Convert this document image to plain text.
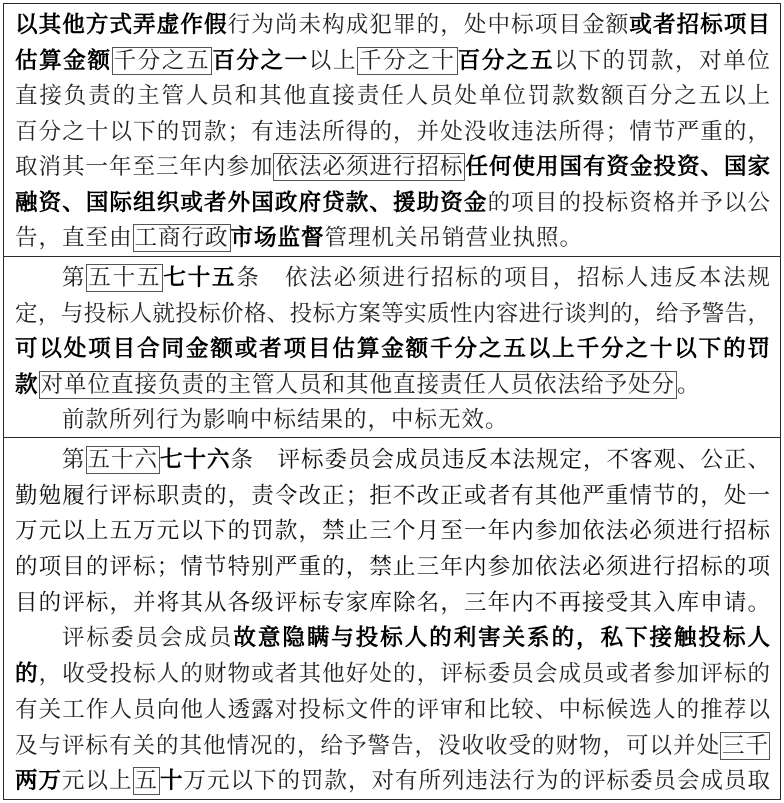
以其他方式弄虚作假行为尚未构成犯罪的，处中标项目金额或者招标项目
估算金额千分之五百分之一以上千分之十百分之五以下的罚款，对单位
直接负责的主管人员和其他直接责任人员处单位罚款数额百分之五以上
百分之十以下的罚款；有违法所得的，并处没收违法所得；情节严重的，
取消其一年至三年内参加依法必须进行招标任何使用国有资金投资、国家
融资、国际组织或者外国政府贷款、援助资金的项目的投标资格并予以公
告，直至由工商行政市场监督管理机关吊销营业执照。
第五十五七十五条　依法必须进行招标的项目，招标人违反本法规
定，与投标人就投标价格、投标方案等实质性内容进行谈判的，给予警告，
可以处项目合同金额或者项目估算金额千分之五以上千分之十以下的罚
款对单位直接负责的主管人员和其他直接责任人员依法给予处分。
前款所列行为影响中标结果的，中标无效。
第五十六七十六条　评标委员会成员违反本法规定，不客观、公正、
勤勉履行评标职责的，责令改正；拒不改正或者有其他严重情节的，处一
万元以上五万元以下的罚款，禁止三个月至一年内参加依法必须进行招标
的项目的评标；情节特别严重的，禁止三年内参加依法必须进行招标的项
目的评标，并将其从各级评标专家库除名，三年内不再接受其入库申请。
评标委员会成员故意隐瞒与投标人的利害关系的，私下接触投标人
的，收受投标人的财物或者其他好处的，评标委员会成员或者参加评标的
有关工作人员向他人透露对投标文件的评审和比较、中标候选人的推荐以
及与评标有关的其他情况的，给予警告，没收收受的财物，可以并处三千
两万元以上五十万元以下的罚款，对有所列违法行为的评标委员会成员取
